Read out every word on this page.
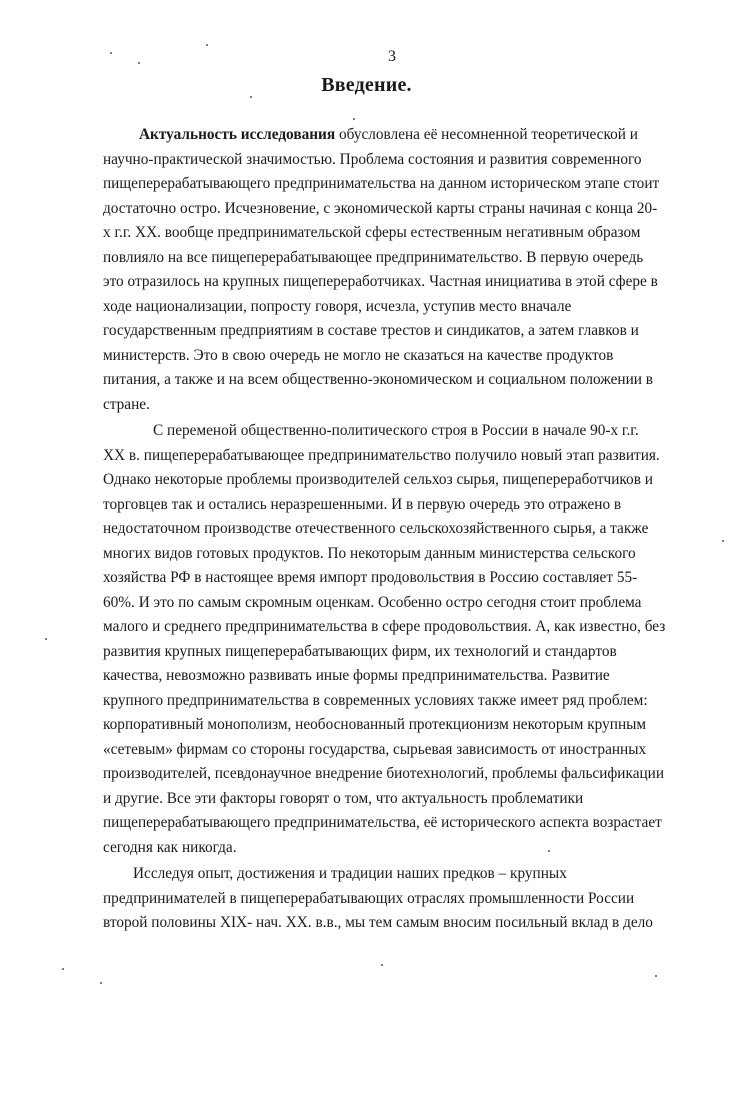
3
Введение.
Актуальность исследования обусловлена её несомненной теоретической и
научно-практической значимостью. Проблема состояния и развития современного
пищеперерабатывающего предпринимательства на данном историческом этапе стоит
достаточно остро. Исчезновение, с экономической карты страны начиная с конца 20-
х г.г. XX. вообще предпринимательской сферы естественным негативным образом
повлияло на все пищеперерабатывающее предпринимательство. В первую очередь
это отразилось на крупных пищепереработчиках. Частная инициатива в этой сфере в
ходе национализации, попросту говоря, исчезла, уступив место вначале
государственным предприятиям в составе трестов и синдикатов, а затем главков и
министерств. Это в свою очередь не могло не сказаться на качестве продуктов
питания, а также и на всем общественно-экономическом и социальном положении в
стране.
С переменой общественно-политического строя в России в начале 90-х г.г.
XX в. пищеперерабатывающее предпринимательство получило новый этап развития.
Однако некоторые проблемы производителей сельхоз сырья, пищепереработчиков и
торговцев так и остались неразрешенными. И в первую очередь это отражено в
недостаточном производстве отечественного сельскохозяйственного сырья, а также
многих видов готовых продуктов. По некоторым данным министерства сельского
хозяйства РФ в настоящее время импорт продовольствия в Россию составляет 55-
60%. И это по самым скромным оценкам. Особенно остро сегодня стоит проблема
малого и среднего предпринимательства в сфере продовольствия. А, как известно, без
развития крупных пищеперерабатывающих фирм, их технологий и стандартов
качества, невозможно развивать иные формы предпринимательства. Развитие
крупного предпринимательства в современных условиях также имеет ряд проблем:
корпоративный монополизм, необоснованный протекционизм некоторым крупным
«сетевым» фирмам со стороны государства, сырьевая зависимость от иностранных
производителей, псевдонаучное внедрение биотехнологий, проблемы фальсификации
и другие. Все эти факторы говорят о том, что актуальность проблематики
пищеперерабатывающего предпринимательства, её исторического аспекта возрастает
сегодня как никогда.
Исследуя опыт, достижения и традиции наших предков – крупных
предпринимателей в пищеперерабатывающих отраслях промышленности России
второй половины XIX- нач. XX. в.в., мы тем самым вносим посильный вклад в дело
